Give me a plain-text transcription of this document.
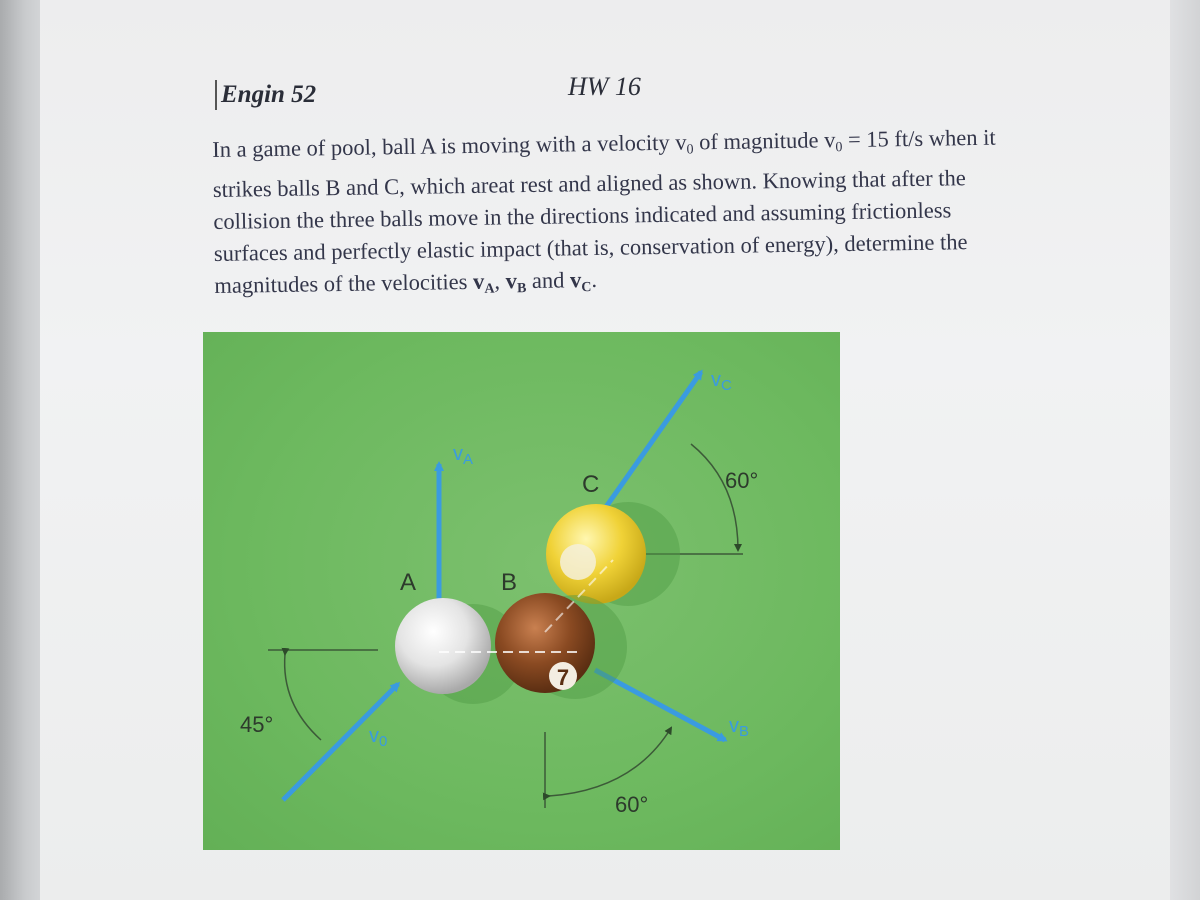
Engin 52	HW 16
In a game of pool, ball A is moving with a velocity $v_0$ of magnitude $v_0 = 15$ ft/s when it
strikes balls B and C, which areat rest and aligned as shown. Knowing that after the
collision the three balls move in the directions indicated and assuming frictionless
surfaces and perfectly elastic impact (that is, conservation of energy), determine the
magnitudes of the velocities $v_A$, $v_B$ and $v_C$.
7
A	B
C
$v_A$
$v_C$
$v_B$
$v_0$
60°
60°
45°
